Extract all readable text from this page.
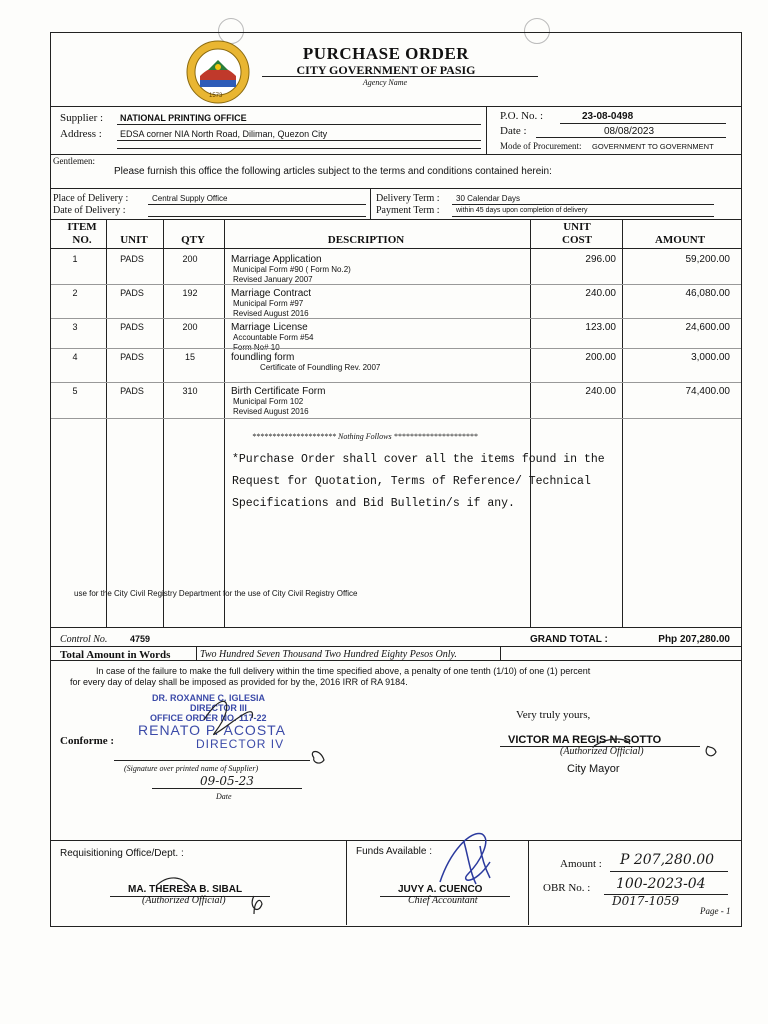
1573
PURCHASE ORDER
CITY GOVERNMENT OF PASIG
Agency Name
Supplier : NATIONAL PRINTING OFFICE
Address : EDSA corner NIA North Road, Diliman, Quezon City
P.O. No. :	23-08-0498
Date :	08/08/2023
Mode of Procurement: GOVERNMENT TO GOVERNMENT
Gentlemen:
Please furnish this office the following articles subject to the terms and conditions contained herein:
Place of Delivery :	Central Supply Office
Date of Delivery :
Delivery Term : 30 Calendar Days
Payment Term : within 45 days upon completion of delivery
ITEM
NO.	UNIT	QTY	DESCRIPTION
UNIT
COST	AMOUNT
1	PADS	200	Marriage Application
Municipal Form #90 ( Form No.2)
Revised January 2007
296.00	59,200.00
2	PADS	192	Marriage Contract
Municipal Form #97
Revised August 2016
240.00	46,080.00
3	PADS	200	Marriage License
Accountable Form #54
Form No# 10
123.00	24,600.00
4	PADS	15	foundling form
Certificate of Foundling Rev. 2007
200.00	3,000.00
5	PADS	310	Birth Certificate Form
Municipal Form 102
Revised August 2016
240.00	74,400.00
********************* Nothing Follows *********************
*Purchase Order shall cover all the items found in the
Request for Quotation, Terms of Reference/ Technical
Specifications and Bid Bulletin/s if any.
use for the City Civil Registry Department for the use of City Civil Registry Office
Control No.	4759	GRAND TOTAL :	Php 207,280.00
Total Amount in Words	Two Hundred Seven Thousand Two Hundred Eighty Pesos Only.
In case of the failure to make the full delivery within the time specified above, a penalty of one tenth (1/10) of one (1) percent
for every day of delay shall be imposed as provided for by the, 2016 IRR of RA 9184.
DR. ROXANNE C. IGLESIA
DIRECTOR III
OFFICE ORDER NO. 117-22
RENATO P. ACOSTA
DIRECTOR IV
Conforme :
(Signature over printed name of Supplier)
09-05-23
Date
Very truly yours,
VICTOR MA REGIS N. SOTTO
(Authorized Official)
City Mayor
Requisitioning Office/Dept. :
MA. THERESA B. SIBAL
(Authorized Official)
Funds Available :
JUVY A. CUENCO
Chief Accountant
Amount : P 207,280.00
OBR No. : 100-2023-04
D017-1059
Page - 1
